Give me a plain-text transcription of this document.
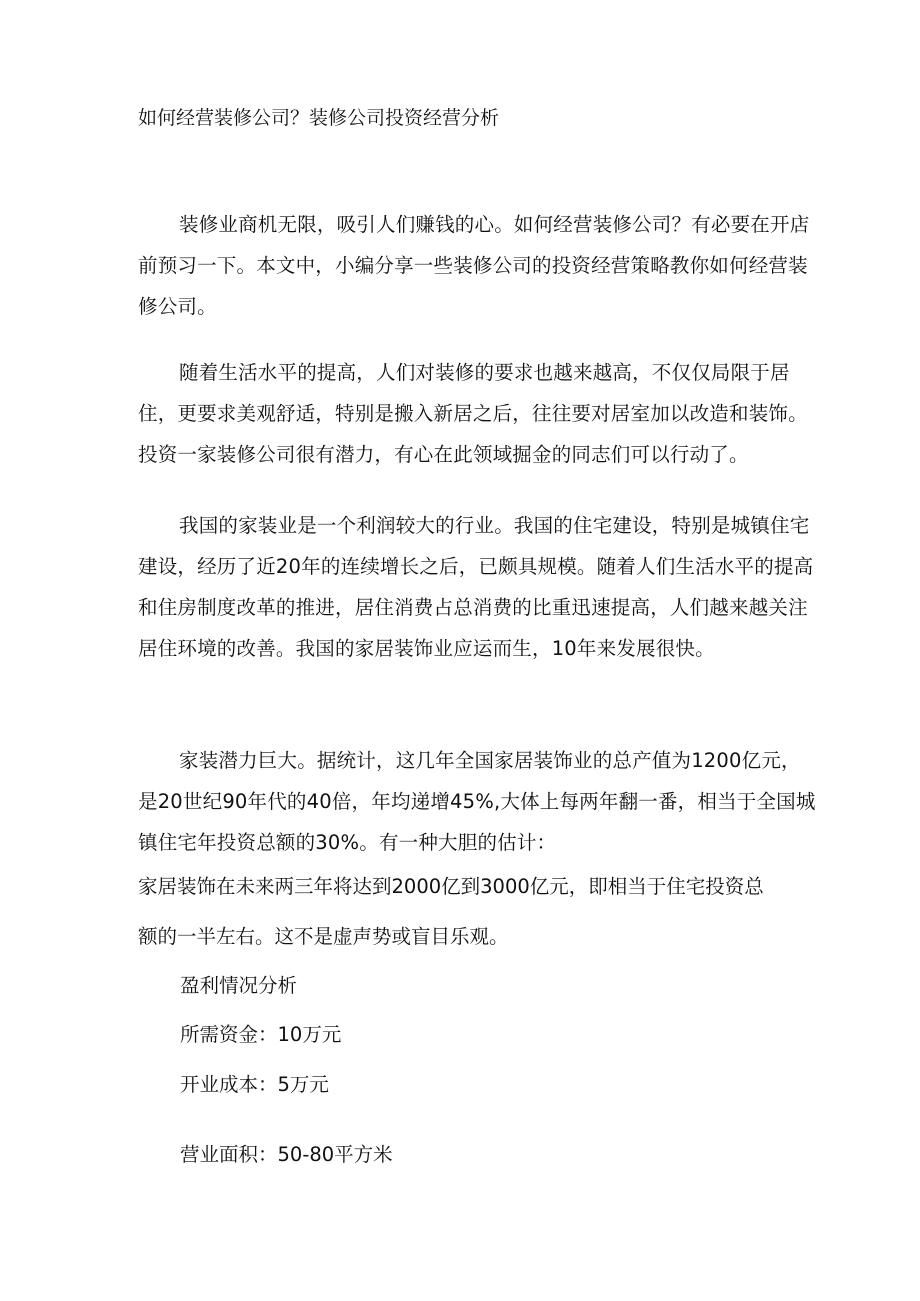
如何经营装修公司？装修公司投资经营分析
装修业商机无限，吸引人们赚钱的心。如何经营装修公司？有必要在开店前预习一下。本文中，小编分享一些装修公司的投资经营策略教你如何经营装修公司。
随着生活水平的提高，人们对装修的要求也越来越高，不仅仅局限于居住，更要求美观舒适，特别是搬入新居之后，往往要对居室加以改造和装饰。投资一家装修公司很有潜力，有心在此领域掘金的同志们可以行动了。
我国的家装业是一个利润较大的行业。我国的住宅建设，特别是城镇住宅建设，经历了近20年的连续增长之后，已颇具规模。随着人们生活水平的提高和住房制度改革的推进，居住消费占总消费的比重迅速提高，人们越来越关注居住环境的改善。我国的家居装饰业应运而生，10年来发展很快。
家装潜力巨大。据统计，这几年全国家居装饰业的总产值为1200亿元，是20世纪90年代的40倍，年均递增45%,大体上每两年翻一番，相当于全国城镇住宅年投资总额的30%。有一种大胆的估计：
家居装饰在未来两三年将达到2000亿到3000亿元，即相当于住宅投资总
额的一半左右。这不是虚声势或盲目乐观。
盈利情况分析
所需资金：10万元
开业成本：5万元
营业面积：50-80平方米
